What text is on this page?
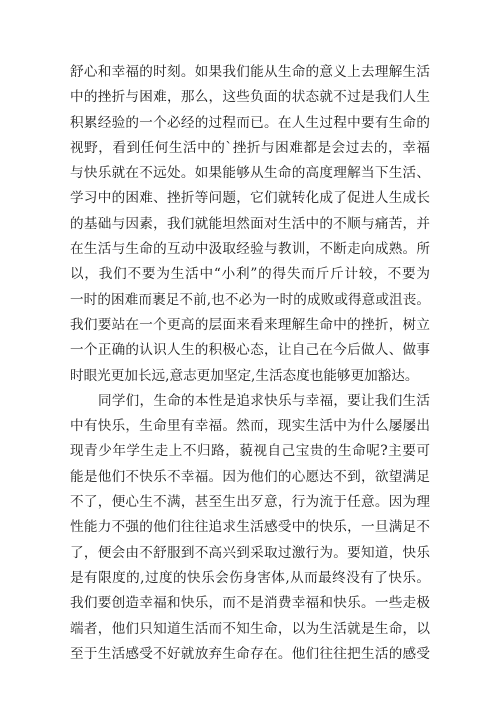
舒心和幸福的时刻。如果我们能从生命的意义上去理解生活
中的挫折与困难，那么，这些负面的状态就不过是我们人生
积累经验的一个必经的过程而已。在人生过程中要有生命的
视野，看到任何生活中的`挫折与困难都是会过去的，幸福
与快乐就在不远处。如果能够从生命的高度理解当下生活、
学习中的困难、挫折等问题，它们就转化成了促进人生成长
的基础与因素，我们就能坦然面对生活中的不顺与痛苦，并
在生活与生命的互动中汲取经验与教训，不断走向成熟。所
以，我们不要为生活中“小利”的得失而斤斤计较，不要为
一时的困难而裹足不前,也不必为一时的成败或得意或沮丧。
我们要站在一个更高的层面来看来理解生命中的挫折，树立
一个正确的认识人生的积极心态，让自己在今后做人、做事
时眼光更加长远,意志更加坚定,生活态度也能够更加豁达。
同学们，生命的本性是追求快乐与幸福，要让我们生活
中有快乐，生命里有幸福。然而，现实生活中为什么屡屡出
现青少年学生走上不归路，藐视自己宝贵的生命呢?主要可
能是他们不快乐不幸福。因为他们的心愿达不到，欲望满足
不了，便心生不满，甚至生出歹意，行为流于任意。因为理
性能力不强的他们往往追求生活感受中的快乐，一旦满足不
了，便会由不舒服到不高兴到采取过激行为。要知道，快乐
是有限度的,过度的快乐会伤身害体,从而最终没有了快乐。
我们要创造幸福和快乐，而不是消费幸福和快乐。一些走极
端者，他们只知道生活而不知生命，以为生活就是生命，以
至于生活感受不好就放弃生命存在。他们往往把生活的感受
